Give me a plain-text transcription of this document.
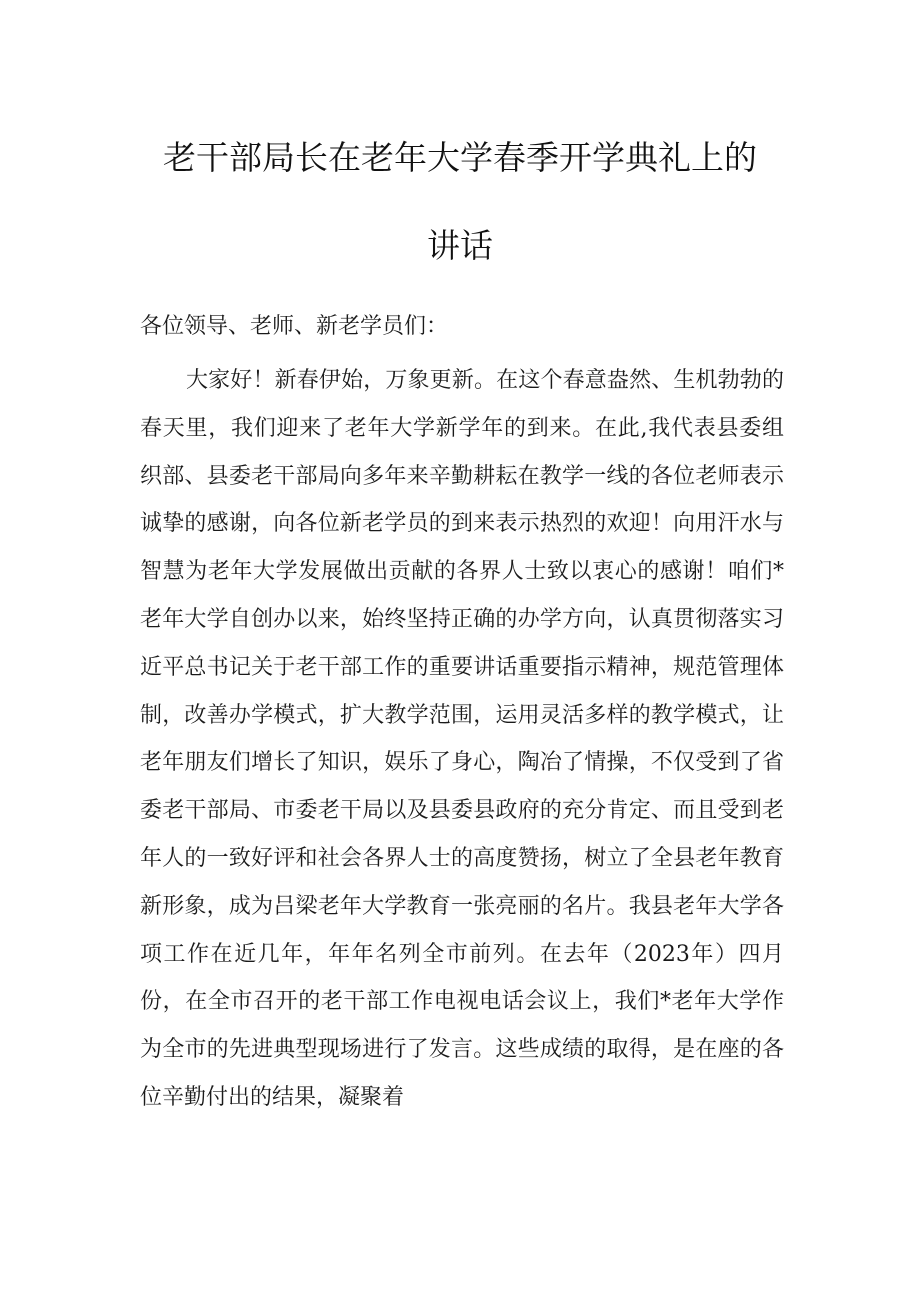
老干部局长在老年大学春季开学典礼上的
讲话
各位领导、老师、新老学员们：
大家好！新春伊始，万象更新。在这个春意盎然、生机勃勃的春天里，我们迎来了老年大学新学年的到来。在此,我代表县委组织部、县委老干部局向多年来辛勤耕耘在教学一线的各位老师表示诚挚的感谢，向各位新老学员的到来表示热烈的欢迎！向用汗水与智慧为老年大学发展做出贡献的各界人士致以衷心的感谢！咱们*老年大学自创办以来，始终坚持正确的办学方向，认真贯彻落实习近平总书记关于老干部工作的重要讲话重要指示精神，规范管理体制，改善办学模式，扩大教学范围，运用灵活多样的教学模式，让老年朋友们增长了知识，娱乐了身心，陶冶了情操，不仅受到了省委老干部局、市委老干局以及县委县政府的充分肯定、而且受到老年人的一致好评和社会各界人士的高度赞扬，树立了全县老年教育新形象，成为吕梁老年大学教育一张亮丽的名片。我县老年大学各项工作在近几年，年年名列全市前列。在去年（2023年）四月份，在全市召开的老干部工作电视电话会议上，我们*老年大学作为全市的先进典型现场进行了发言。这些成绩的取得，是在座的各位辛勤付出的结果，凝聚着
